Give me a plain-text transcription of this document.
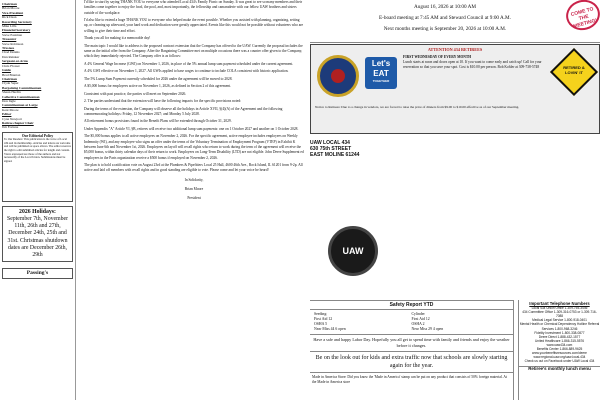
Chairman
Brian Moore
Vice-President
Rick Dean
Recording Secretary
Mike Lilla
Financial Secretary
Steve Eastman
Treasurer
Steve Robinson
Trustees
Chad Dennis
Dan Reinker
Sergeant-at-Arms
Chris Flower
Guide
Brad Branton
Chairman
Clyde Seper
Bargaining Committeemen
Shaun Hardin
Collective Committeeman
Don Ingle
Committeeman at Large
Kent Moore
Editor
Cyna Newport
Retiree chapter Chair
Jim Fortune
Our Editorial Policy

To Our Readers: This publication is the voice of Local 434 and its membership. Articles and letters are welcome and will be published as space allows. The editor reserves the right to edit submitted articles for length and content. Views expressed are those of the authors and not necessarily of the Local Union. Submissions must be signed.

2026 Holidays:
September 7th, November 11th, 26th and 27th, December 24th, 25th and 31st. Christmas shutdown dates are December 26th, 29th
Passing's

I'd like to start by saying THANK YOU to everyone who attended Local 434's Family Picnic on Sunday. It was great to see so many members and their families come together to enjoy the food, the pool, and, most importantly, the fellowship and camaraderie with our fellow UAW brothers and sisters outside of the workplace.

I'd also like to extend a huge THANK YOU to everyone who helped make the event possible. Whether you assisted with planning, organizing, setting up, or cleaning up afterward, your hard work and dedication were greatly appreciated. Events like this would not be possible without volunteers who are willing to give their time and effort.

Thank you all for making it a memorable day!

The main topic I would like to address is the proposed contract extension that the Company has offered to the UAW. Currently the proposal includes the same as the initial offer from the Company. After the Bargaining Committee met on multiple occasions there was a counter offer given to the Company, which they immediately rejected. The Company offer is as follows:

A 4% General Wage Increase (GWI) on November 1, 2026, in place of the 5% annual lump sum payment scheduled under the current agreement.

A 4% GWI effective on November 1, 2027. All GWIs applied to base wages to continue to include COLA consistent with historic application.

The 5% Lump Sum Payment currently scheduled for 2026 under the agreement will be moved to 2028.

A $5,000 bonus for employees active on November 1, 2026, as defined in Section 2 of this agreement.

Consistent with past practice, the parties will meet on September 2026.

2. The parties understand that the extension will have the following impacts for the specific provisions noted:

During the terms of the extension, the Company will observe all the holidays in Article XVII, §(4)(A) of the Agreement and the following commemorating holidays: Friday, 12 November 2027; and Monday 5 July 2028.

All retirement bonus provisions found in the Benefit Plans will be extended through October 31, 2029.

Under Appendix "A" Article VI, §B, retirees will receive two additional lump sum payments: one on 1 October 2027 and another on 1 October 2028.

The $5,000 bonus applies to all active employees on November 2, 2026. For the specific agreement, active employee includes employees on Weekly Indemnity (WI), and any employee who signs an offer under the terms of the Voluntary Termination of Employment Program (VTEP) in Exhibit K between June 6th and November 1st, 2026. Employees on layoff will recall rights who return to work during the term of the agreement will receive the $5,000 bonus, within thirty calendar days of their return to work. Employees on Long-Term Disability (LTD) are not eligible. John Deere Supplement ed employees in the Parts organization receive a $500 bonus if employed on November 2, 2026.

The plan is to hold a ratification vote on August 23rd at the Plumbers & Pipefitters Local 25 Hall, 4600 46th Ave., Rock Island, IL 61201 from 9-2p. All active and laid off members with recall rights and in good standing are eligible to vote. Please come and let your voice be heard!

In Solidarity,
Brian Moore
President
August 16, 2026 at 10:00 AM
E-board meeting at 7:45 AM and Steward Council at 9:00 A.M.
Next months meeting is September 20, 2026 at 10:00 A.M.
COME TO THE MEETING!
ATTENTION 434 RETIREES
Let's EAT
TOGETHER
FIRST WEDNESDAY OF EVERY MONTH
Lunch starts at noon and doors open at 10. If you want to come early and catch up! Call for your reservation so that you save your spot. Cost is $10.00 per person. Bob Kohler at 309-738-5748	RETIRED & LOVIN' IT
Notice to Retirees: Due to a change in vendors, we are forced to raise the price of dinners from $9.00 to $10.00 effective as of our September meeting.
UAW LOCAL 434
630 75th STREET
EAST MOLINE 61244
UAW
Safety Report YTD
Seeding:
First Aid 12
OSHA 5
Near Miss 44 6 open
Cylinder
First Aid 12
OSHA 2
Near Miss 29 4 open
Have a safe and happy Labor Day. Hopefully you all get to spend time with family and friends and enjoy the weather before it changes.
Be on the look out for kids and extra traffic now that schools are slowly starting again for the year.
Made in America Store: Did you know the 'Made in America' stamp can be put on any product that consists of 50% foreign material. At the Made in America store
Important Telephone Numbers
Local 434 Union Office 1-309-755-3446
434 Committee Office 1-309-316-0753 or 1-309-716-7088
Medical Legal Service 1-800-918-0401
Mental Health or Chemical Dependency Hotline Referral Services 1-800-968-3246
Fidelity Investment 1-800-338-0877
Deere Direct 1-888-432-1577
United Healthcare 1-866-315-5576
www.uaw434.com
Benefits Center 1-866-889-9625
www.yourbenefitsresources.com/deere
www.regional-uaw.org/uaw-local-434
Check us out on Facebook under UAW Local 434
Retiree's monthly lunch menu
